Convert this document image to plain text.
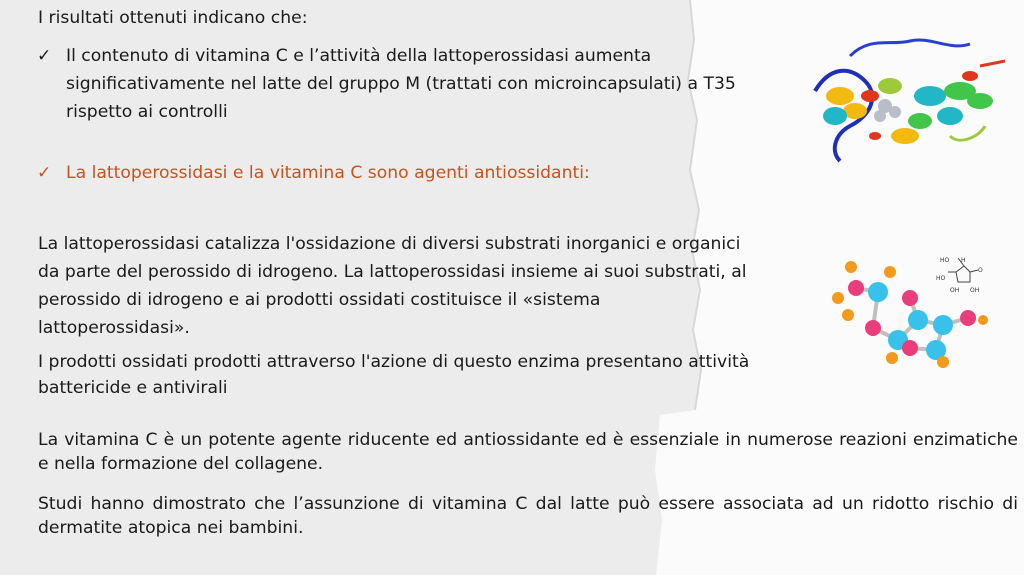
I risultati ottenuti indicano che:

✓ Il contenuto di vitamina C e l’attività della lattoperossidasi aumenta

significativamente nel latte del gruppo M (trattati con microincapsulati) a T35

rispetto ai controlli

✓ La lattoperossidasi e la vitamina C sono agenti antiossidanti:

La lattoperossidasi catalizza l'ossidazione di diversi substrati inorganici e organici

da parte del perossido di idrogeno. La lattoperossidasi insieme ai suoi substrati, al

perossido di idrogeno e ai prodotti ossidati costituisce il «sistema

lattoperossidasi».

I prodotti ossidati prodotti attraverso l'azione di questo enzima presentano attività

battericide e antivirali

La vitamina C è un potente agente riducente ed antiossidante ed è essenziale in numerose reazioni enzimatiche e nella formazione del collagene.

Studi hanno dimostrato che l’assunzione di vitamina C dal latte può essere associata ad un ridotto rischio di dermatite atopica nei bambini.

HO
O
H
HO
OH OH
